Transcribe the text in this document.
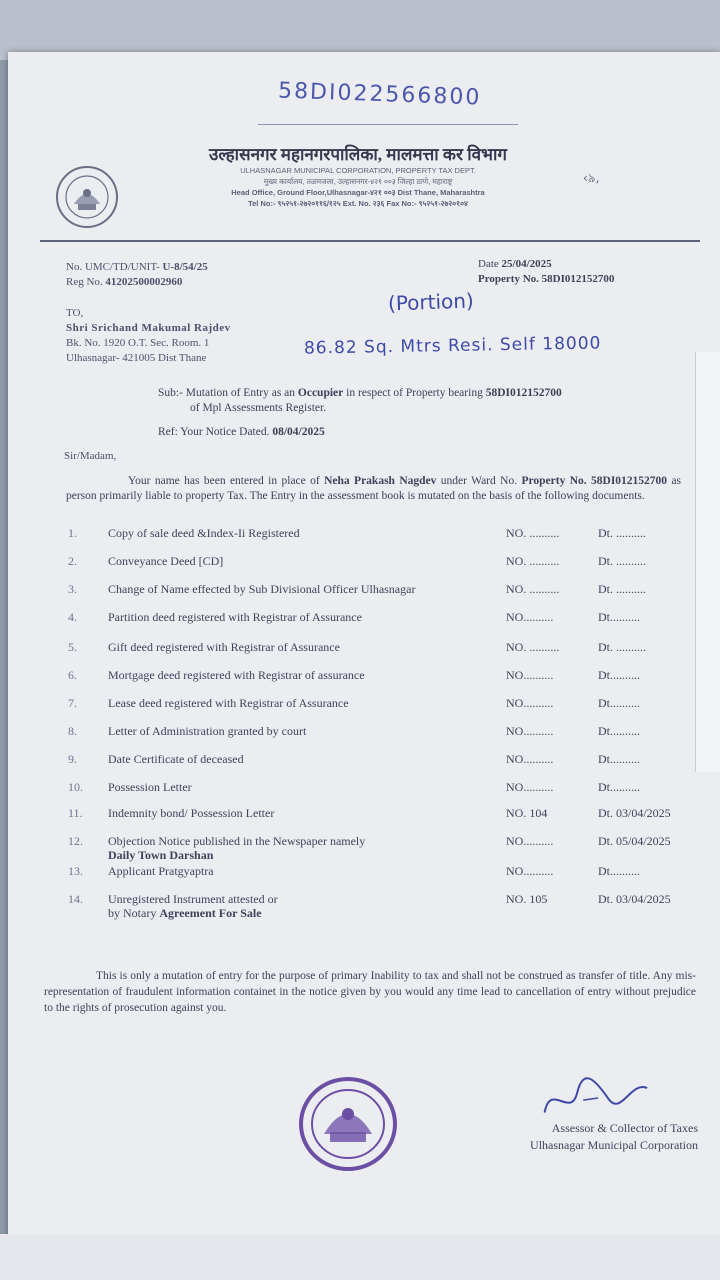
58DI022566800

उल्हासनगर महानगरपालिका, मालमत्ता कर विभाग

ULHASNAGAR MUNICIPAL CORPORATION, PROPERTY TAX DEPT.

मुख्य कार्यालय, तळमजला, उल्हासनगर-४२१ ००३ जिल्हा ठाणे, महाराष्ट्र

Head Office, Ground Floor,Ulhasnagar-४२१ ००३ Dist Thane, Maharashtra

Tel No:- ९५२५१-२७२०११६/१२५ Ext. No. २३६ Fax No:- ९५२५१-२७२०१०४

‹৯,
No. UMC/TD/UNIT- U-8/54/25
Reg No. 41202500002960
Date 25/04/2025
Property No. 58DI012152700
TO,
Shri Srichand Makumal Rajdev
Bk. No. 1920 O.T. Sec. Room. 1
Ulhasnagar- 421005 Dist Thane
(Portion)
86.82 Sq. Mtrs Resi. Self 18000
Sub:- Mutation of Entry as an Occupier in respect of Property bearing 58DI012152700
of Mpl Assessments Register.
Ref: Your Notice Dated. 08/04/2025
Sir/Madam,
Your name has been entered in place of Neha Prakash Nagdev under Ward No. Property No. 58DI012152700 as person primarily liable to property Tax. The Entry in the assessment book is mutated on the basis of the following documents.
1.	Copy of sale deed &Index-Ii Registered	NO. ..........	Dt. ..........
2.	Conveyance Deed [CD]	NO. ..........	Dt. ..........
3.	Change of Name effected by Sub Divisional Officer Ulhasnagar	NO. ..........	Dt. ..........
4.	Partition deed registered with Registrar of Assurance	NO..........	Dt..........
5.	Gift deed registered with Registrar of Assurance	NO. ..........	Dt. ..........
6.	Mortgage deed registered with Registrar of assurance	NO..........	Dt..........
7.	Lease deed registered with Registrar of Assurance	NO..........	Dt..........
8.	Letter of Administration granted by court	NO..........	Dt..........
9.	Date Certificate of deceased	NO..........	Dt..........
10.	Possession Letter	NO..........	Dt..........
11.	Indemnity bond/ Possession Letter	NO. 104	Dt. 03/04/2025
12.	Objection Notice published in the Newspaper namely
Daily Town Darshan
NO..........	Dt. 05/04/2025
13.	Applicant Pratgyaptra	NO..........	Dt..........
14.	Unregistered Instrument attested or
by Notary Agreement For Sale
NO. 105	Dt. 03/04/2025
This is only a mutation of entry for the purpose of primary Inability to tax and shall not be construed as transfer of title. Any mis-representation of fraudulent information containet in the notice given by you would any time lead to cancellation of entry without prejudice to the rights of prosecution against you.
Assessor & Collector of Taxes
Ulhasnagar Municipal Corporation
